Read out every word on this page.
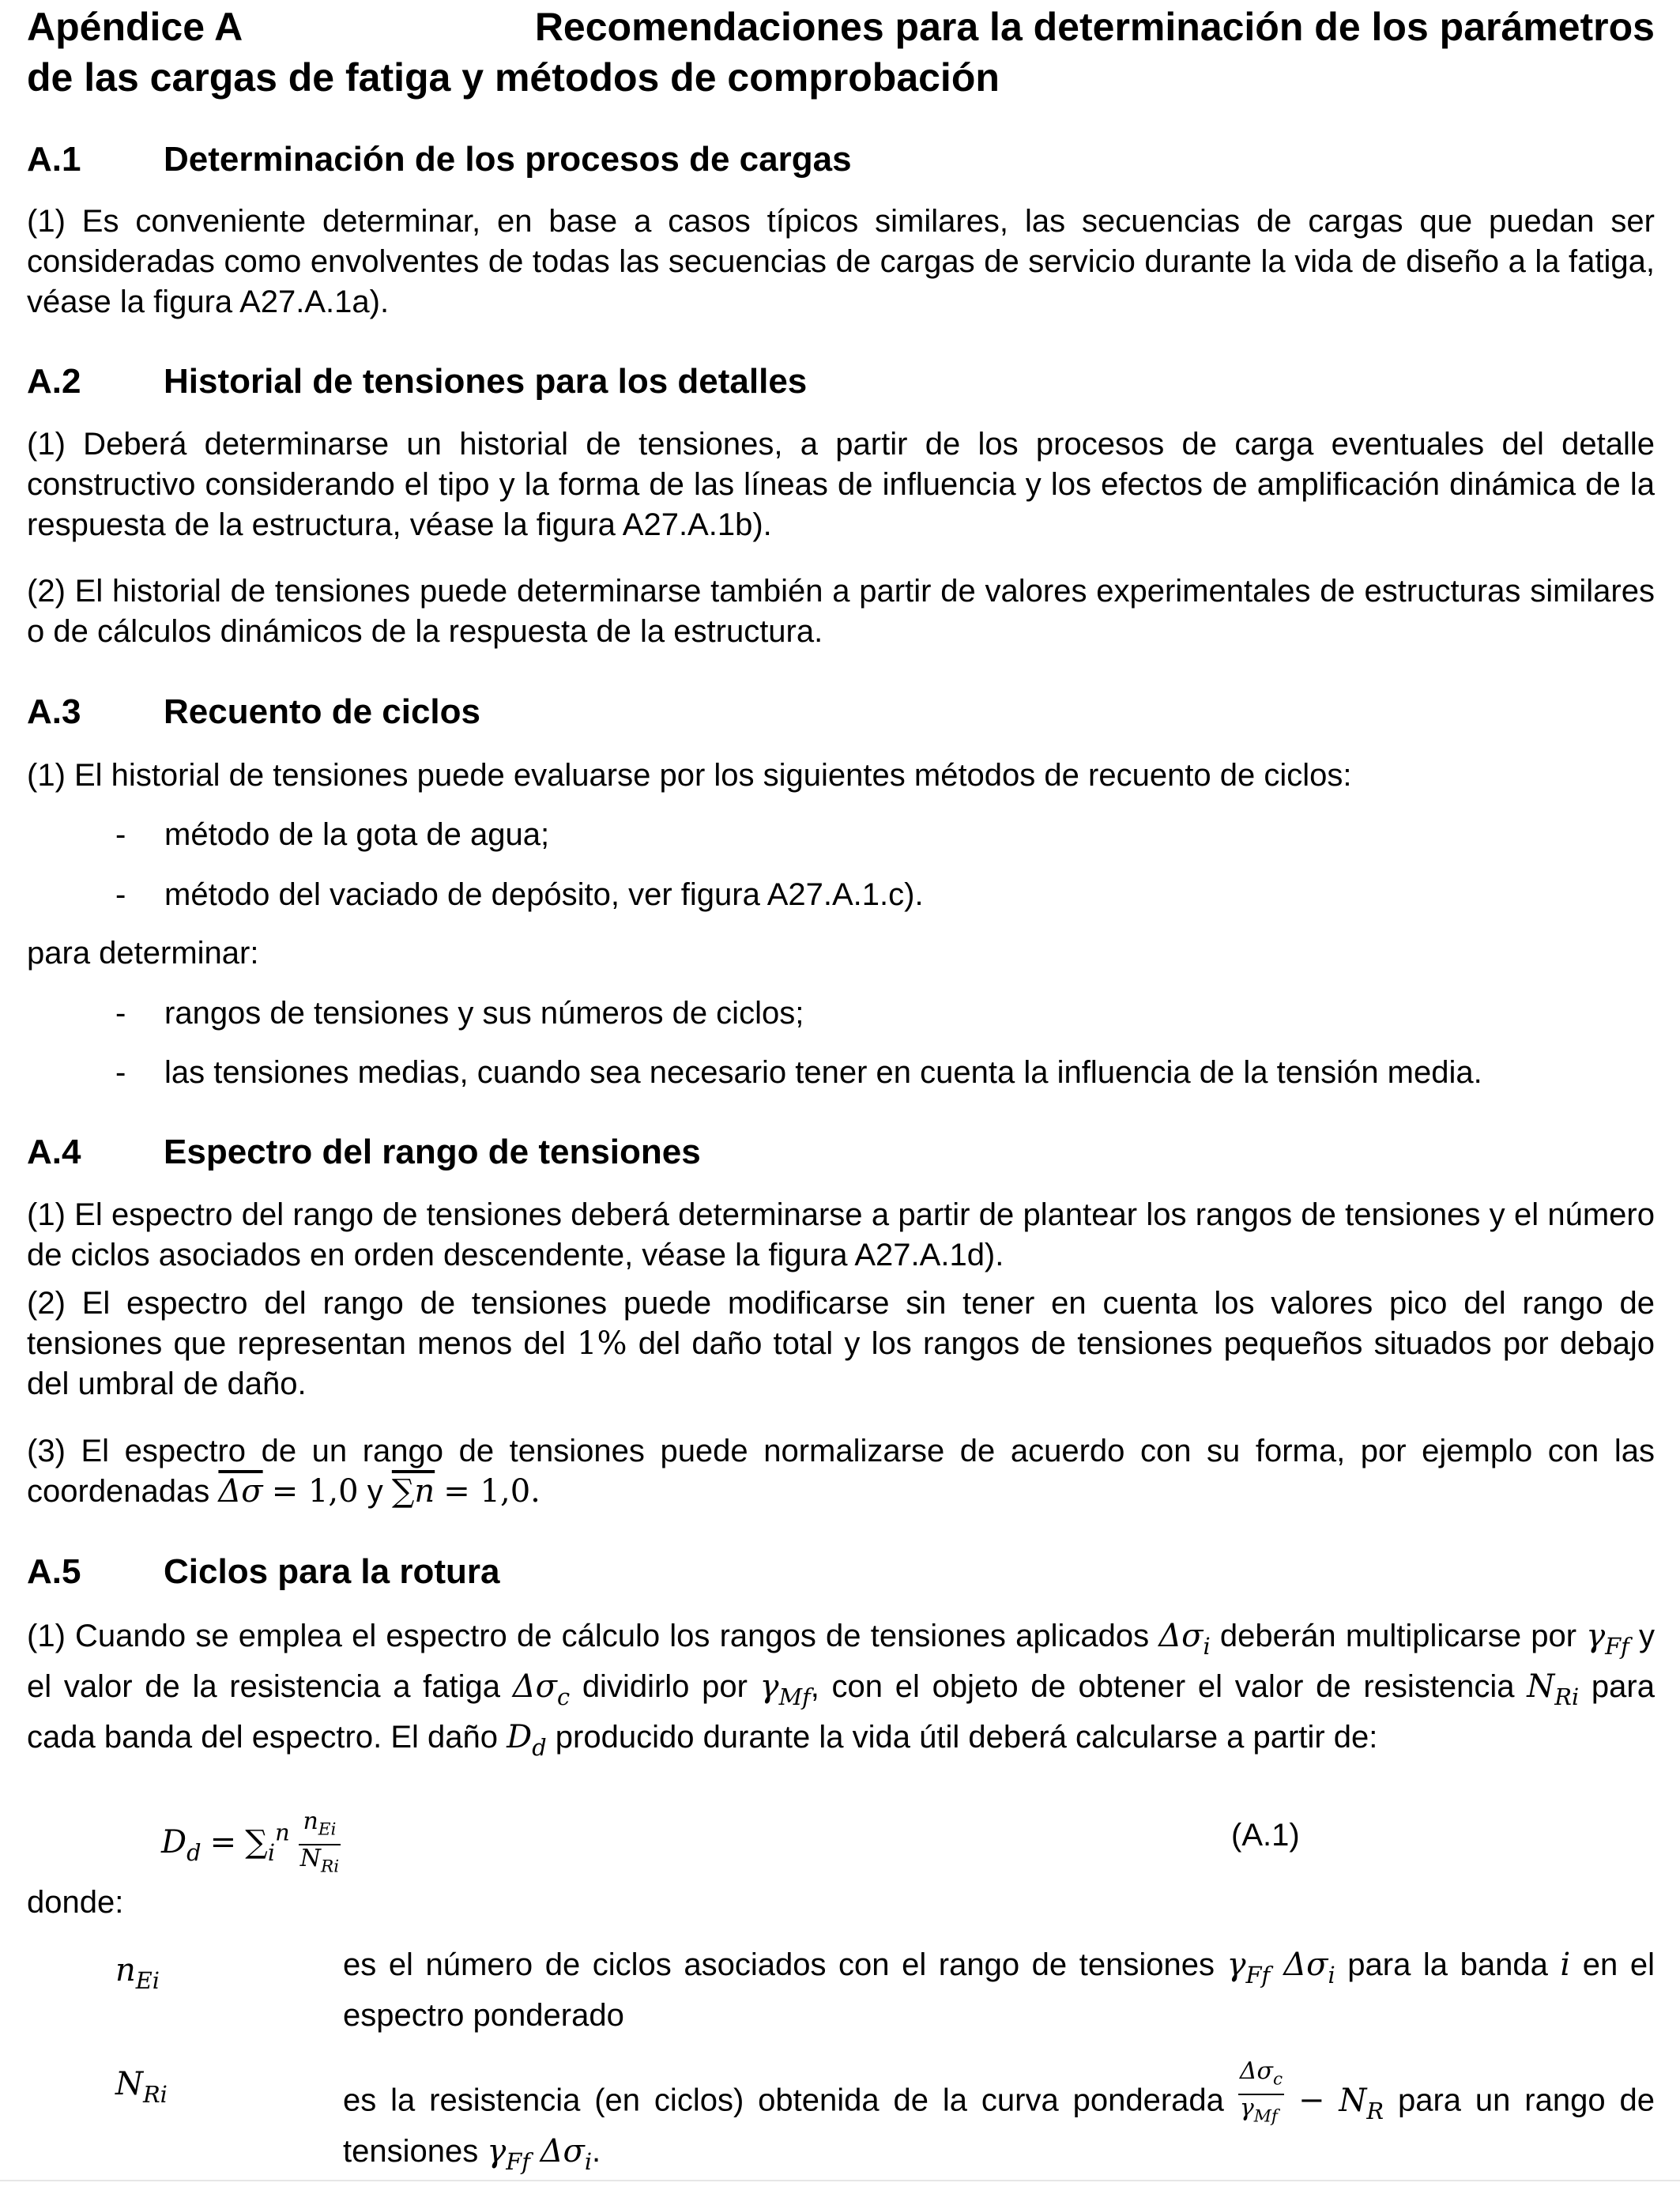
Apéndice A	Recomendaciones para la determinación de los parámetros
de las cargas de fatiga y métodos de comprobación
A.1 Determinación de los procesos de cargas

(1) Es conveniente determinar, en base a casos típicos similares, las secuencias de cargas que puedan ser consideradas como envolventes de todas las secuencias de cargas de servicio durante la vida de diseño a la fatiga, véase la figura A27.A.1a).

A.2 Historial de tensiones para los detalles

(1) Deberá determinarse un historial de tensiones, a partir de los procesos de carga eventuales del detalle constructivo considerando el tipo y la forma de las líneas de influencia y los efectos de amplificación dinámica de la respuesta de la estructura, véase la figura A27.A.1b).

(2) El historial de tensiones puede determinarse también a partir de valores experimentales de estructuras similares o de cálculos dinámicos de la respuesta de la estructura.

A.3 Recuento de ciclos

(1) El historial de tensiones puede evaluarse por los siguientes métodos de recuento de ciclos:

- método de la gota de agua;
- método del vaciado de depósito, ver figura A27.A.1.c).

para determinar:

- rangos de tensiones y sus números de ciclos;
- las tensiones medias, cuando sea necesario tener en cuenta la influencia de la tensión media.
A.4 Espectro del rango de tensiones

(1) El espectro del rango de tensiones deberá determinarse a partir de plantear los rangos de tensiones y el número de ciclos asociados en orden descendente, véase la figura A27.A.1d).

(2) El espectro del rango de tensiones puede modificarse sin tener en cuenta los valores pico del rango de tensiones que representan menos del 1% del daño total y los rangos de tensiones pequeños situados por debajo del umbral de daño.

(3) El espectro de un rango de tensiones puede normalizarse de acuerdo con su forma, por ejemplo con las coordenadas $\overline{\Delta\sigma} = 1,0$ y ∑n = 1,0.

A.5 Ciclos para la rotura

(1) Cuando se emplea el espectro de cálculo los rangos de tensiones aplicados $\Delta\sigma_i$ deberán multiplicarse por $\gamma_{Ff}$ y el valor de la resistencia a fatiga $\Delta\sigma_c$ dividirlo por $\gamma_{Mf}$, con el objeto de obtener el valor de resistencia $N_{Ri}$ para cada banda del espectro. El daño $D_d$ producido durante la vida útil deberá calcularse a partir de:

$D_d = \sum_i^n \frac{n_{Ei}}{N_{Ri}}$	(A.1)

donde:

$n_{Ei}$	es el número de ciclos asociados con el rango de tensiones $\gamma_{Ff}$ $\Delta\sigma_i$ para la banda i en el espectro ponderado

$N_{Ri}$	es la resistencia (en ciclos) obtenida de la curva ponderada $\frac{\Delta\sigma_c}{\gamma_{Mf}} - N_R$ para un rango de tensiones $\gamma_{Ff}$ $\Delta\sigma_i$.
